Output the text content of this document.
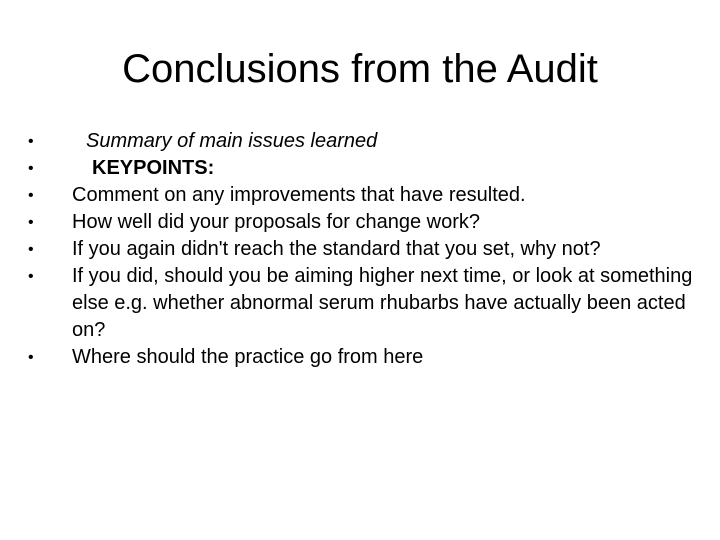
Conclusions from the Audit
•	Summary of main issues learned
•	KEYPOINTS:
•	Comment on any improvements that have resulted.
•	How well did your proposals for change work?
•	If you again didn't reach the standard that you set, why not?
•	If you did, should you be aiming higher next time, or look at something else e.g. whether abnormal serum rhubarbs have actually been acted on?
•	Where should the practice go from here
